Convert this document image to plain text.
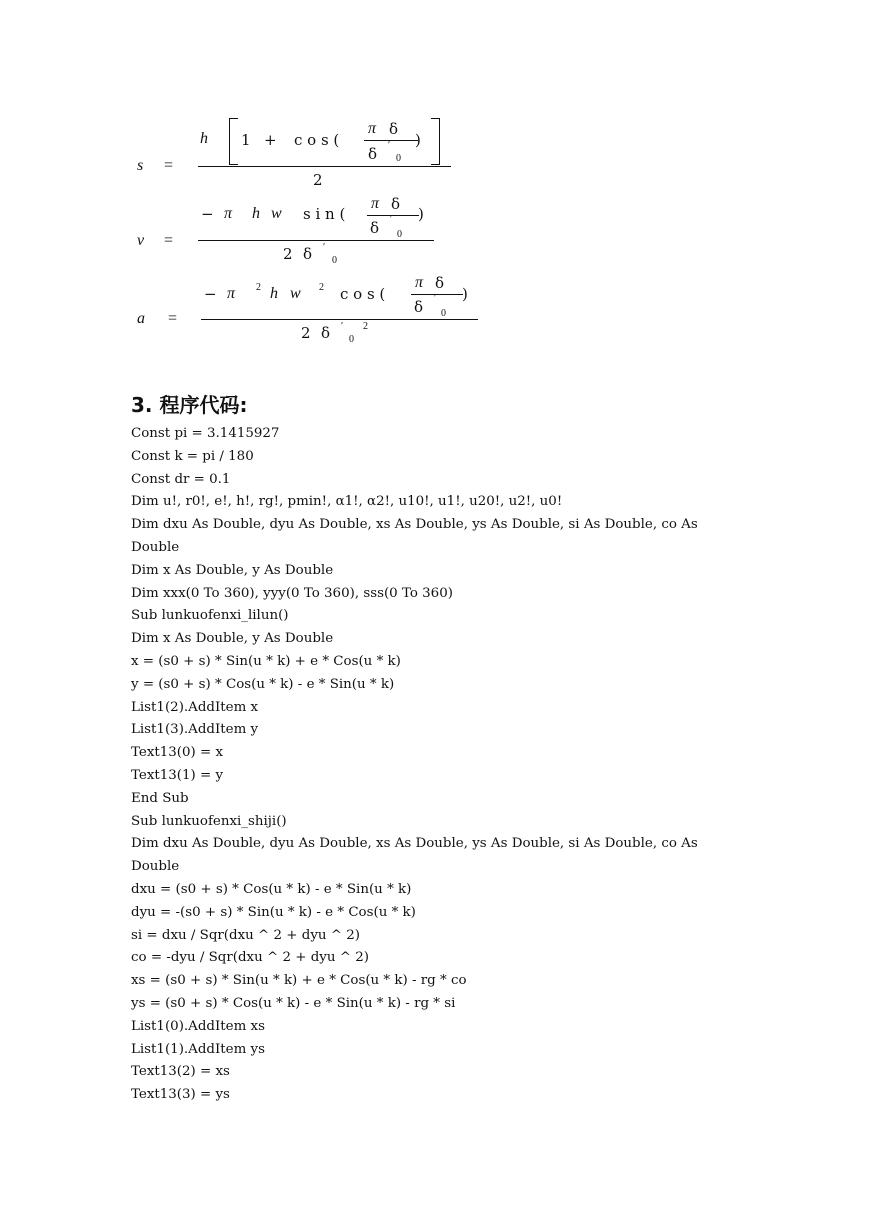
s =
h 1 + c o s (
π δ
δ ′
0
)
2
v =
− π h w s i n (
π δ
δ ′
0
)
2 δ ′
0
a =
− π 2 h w 2 c o s (
π δ
δ ′
0
)
2 δ ′
0
2
3. 程序代码:
Const pi = 3.1415927
Const k = pi / 180
Const dr = 0.1
Dim u!, r0!, e!, h!, rg!, pmin!, α1!, α2!, u10!, u1!, u20!, u2!, u0!
Dim dxu As Double, dyu As Double, xs As Double, ys As Double, si As Double, co As
Double
Dim x As Double, y As Double
Dim xxx(0 To 360), yyy(0 To 360), sss(0 To 360)
Sub lunkuofenxi_lilun()
Dim x As Double, y As Double
x = (s0 + s) * Sin(u * k) + e * Cos(u * k)
y = (s0 + s) * Cos(u * k) - e * Sin(u * k)
List1(2).AddItem x
List1(3).AddItem y
Text13(0) = x
Text13(1) = y
End Sub
Sub lunkuofenxi_shiji()
Dim dxu As Double, dyu As Double, xs As Double, ys As Double, si As Double, co As
Double
dxu = (s0 + s) * Cos(u * k) - e * Sin(u * k)
dyu = -(s0 + s) * Sin(u * k) - e * Cos(u * k)
si = dxu / Sqr(dxu ^ 2 + dyu ^ 2)
co = -dyu / Sqr(dxu ^ 2 + dyu ^ 2)
xs = (s0 + s) * Sin(u * k) + e * Cos(u * k) - rg * co
ys = (s0 + s) * Cos(u * k) - e * Sin(u * k) - rg * si
List1(0).AddItem xs
List1(1).AddItem ys
Text13(2) = xs
Text13(3) = ys
